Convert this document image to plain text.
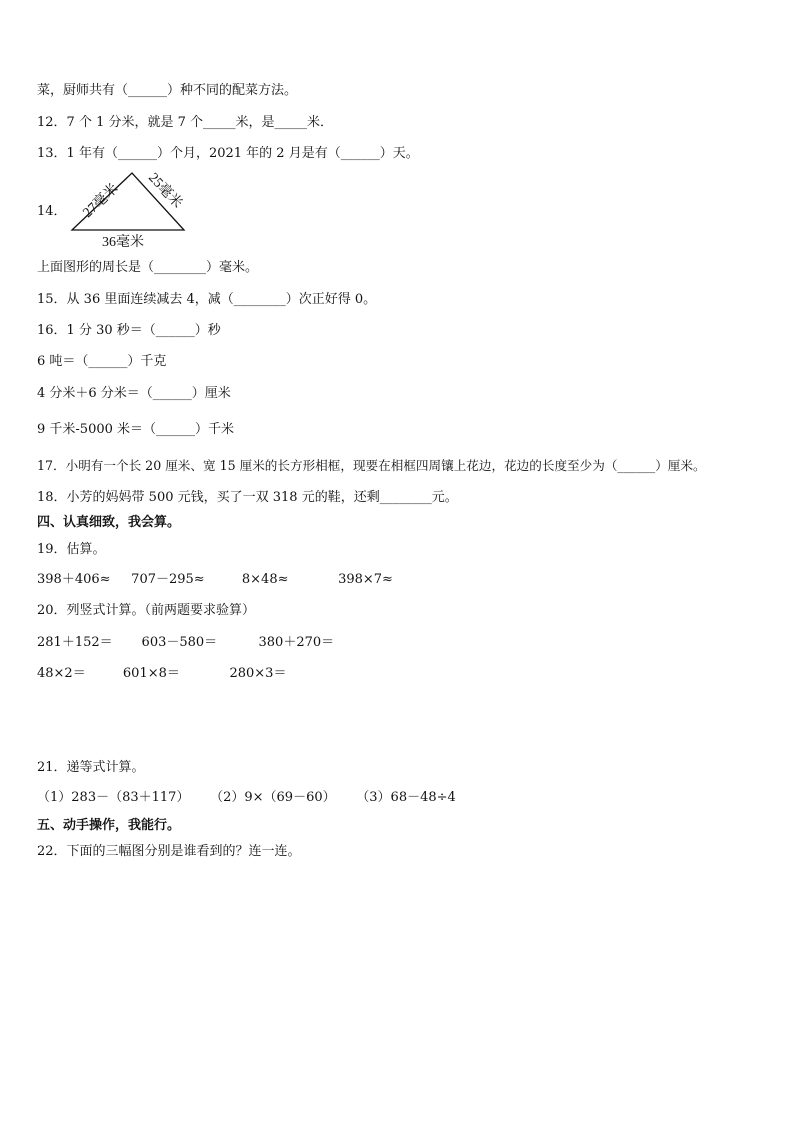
菜，厨师共有（______）种不同的配菜方法。
12．7 个 1 分米，就是 7 个_____米，是_____米．
13．1 年有（______）个月，2021 年的 2 月是有（______）天。
14． 27毫米 25毫米
36毫米
上面图形的周长是（________）毫米。
15．从 36 里面连续减去 4，减（________）次正好得 0。
16．1 分 30 秒＝（______）秒
6 吨＝（______）千克
4 分米＋6 分米＝（______）厘米
9 千米-5000 米＝（______）千米
17．小明有一个长 20 厘米、宽 15 厘米的长方形相框，现要在相框四周镶上花边，花边的长度至少为（______）厘米。
18．小芳的妈妈带 500 元钱，买了一双 318 元的鞋，还剩________元。
四、认真细致，我会算。
19．估算。
398＋406≈     707－295≈         8×48≈            398×7≈
20．列竖式计算。（前两题要求验算）
281＋152＝       603－580＝          380＋270＝
48×2＝         601×8＝            280×3＝
21．递等式计算。
（1）283－（83＋117）     （2）9×（69－60）     （3）68－48÷4
五、动手操作，我能行。
22．下面的三幅图分别是谁看到的？连一连。
